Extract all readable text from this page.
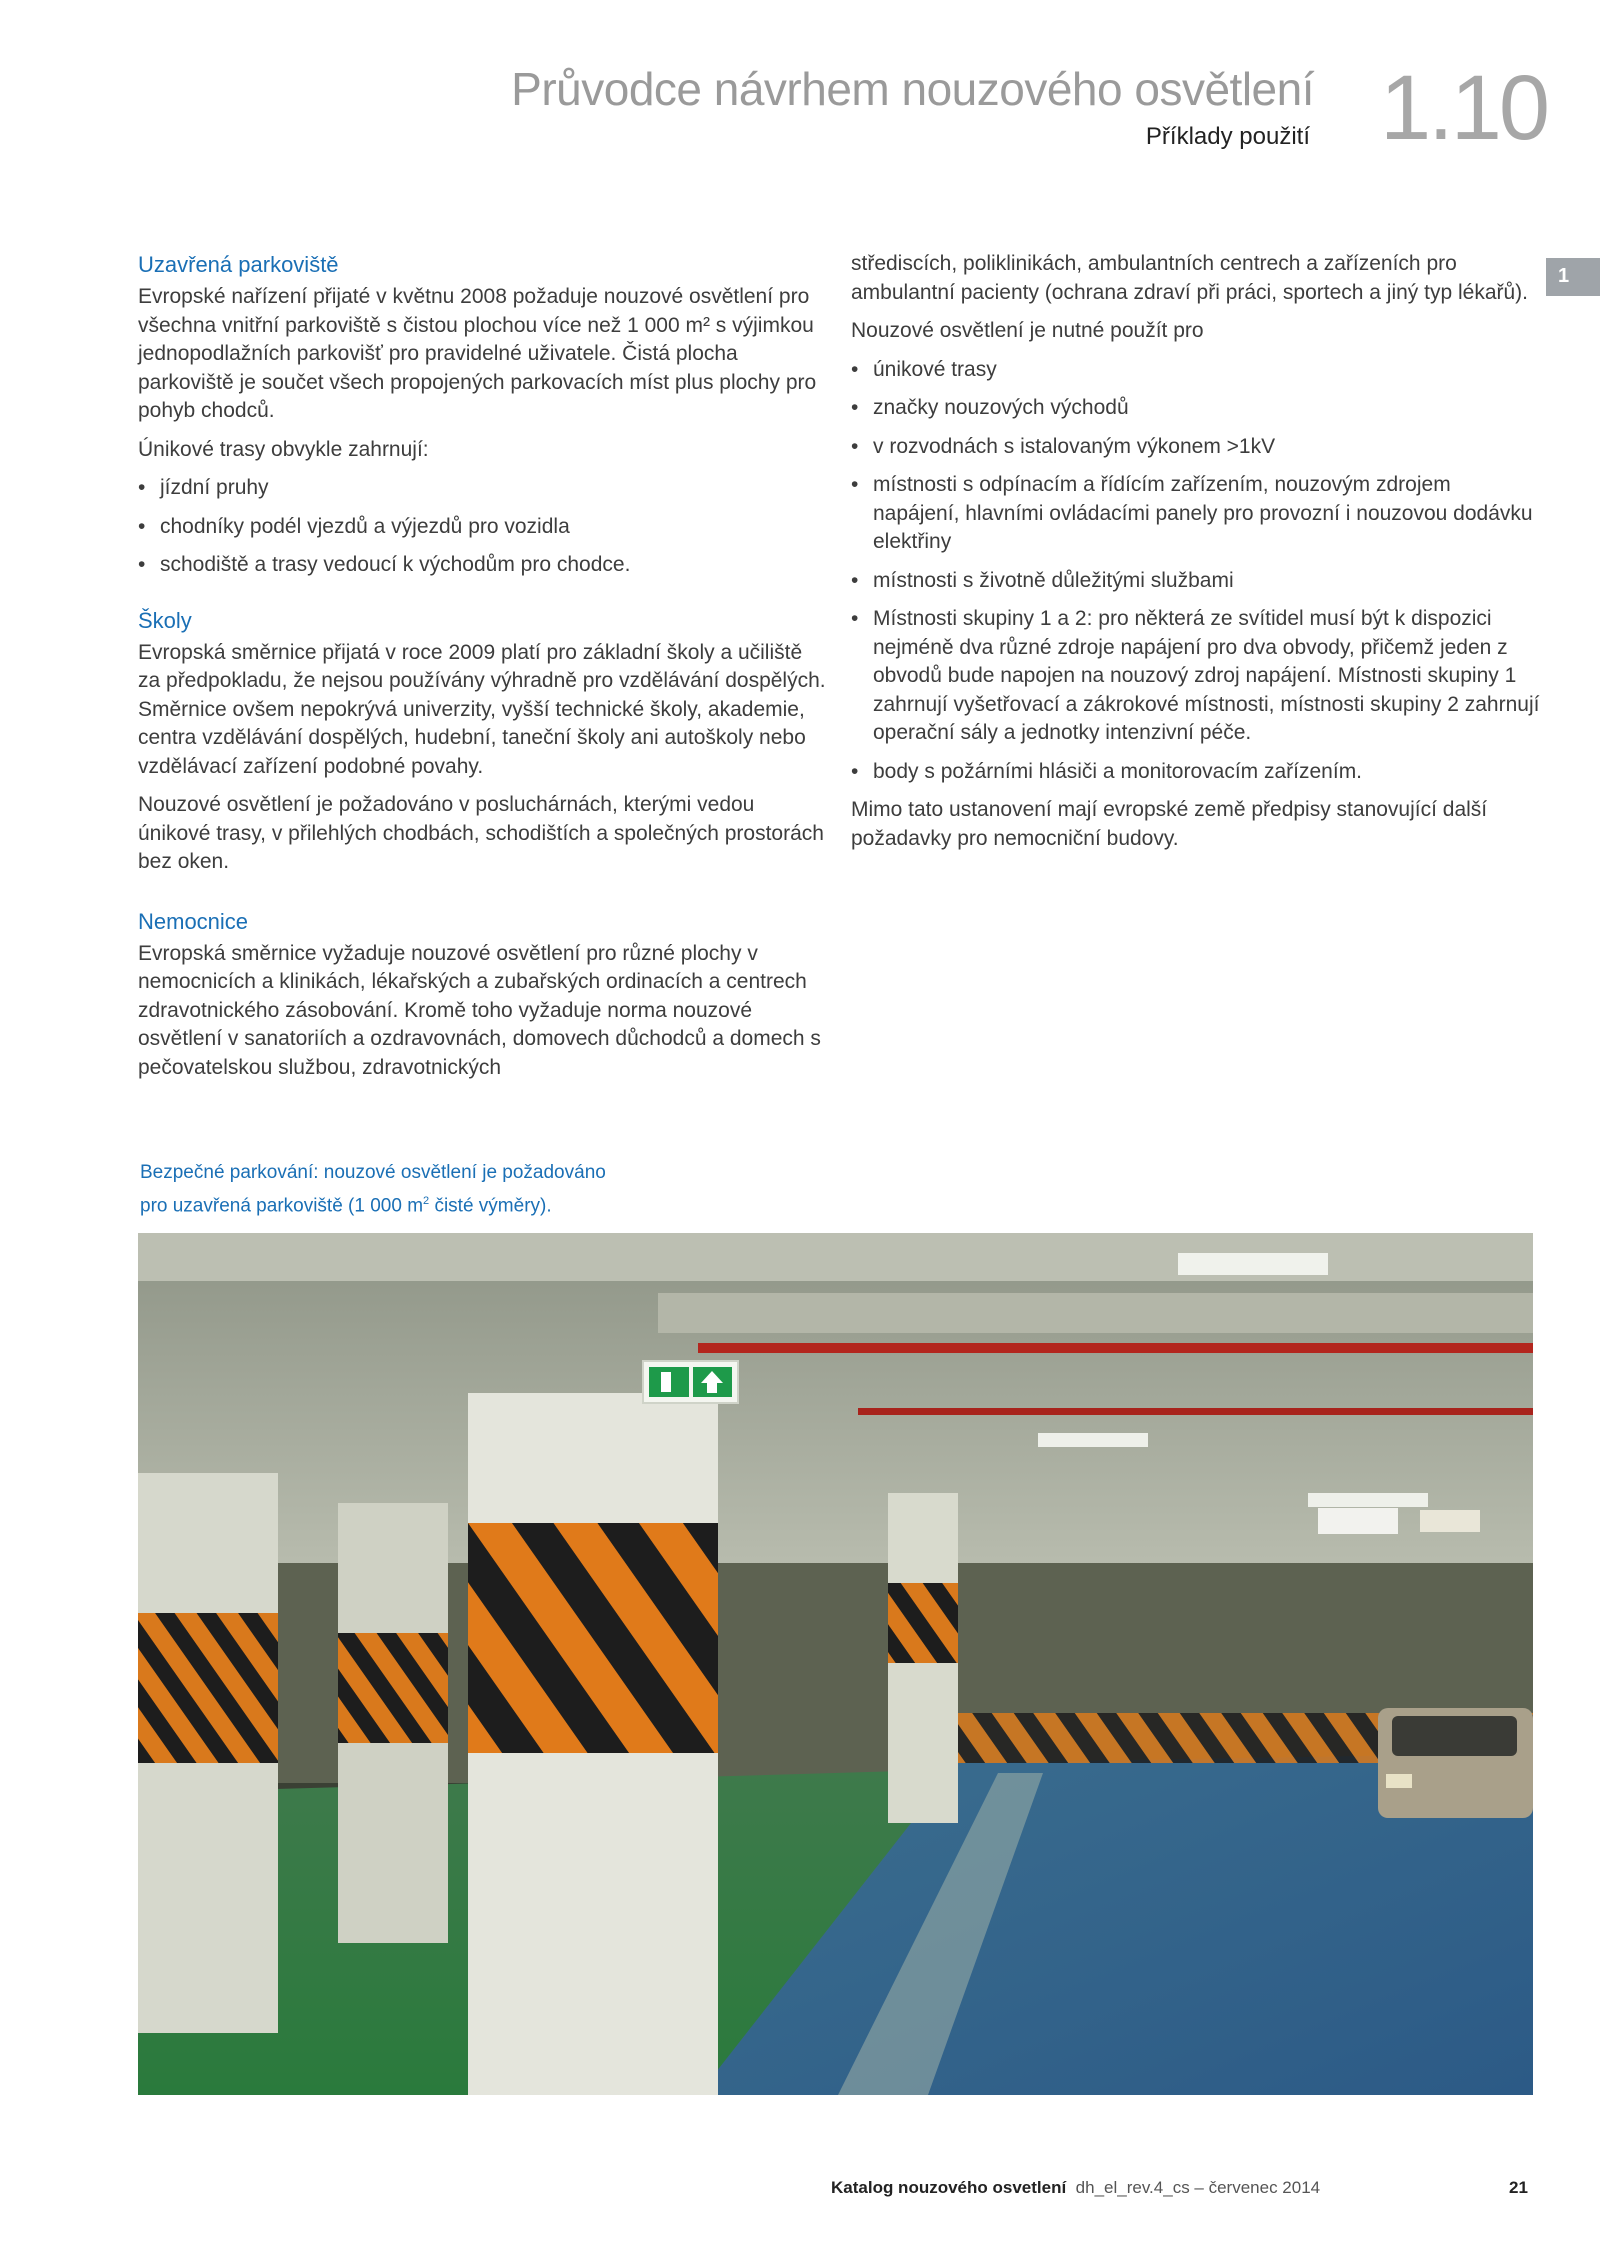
Průvodce návrhem nouzového osvětlení
Příklady použití 1.10
1
Uzavřená parkoviště

Evropské nařízení přijaté v květnu 2008 požaduje nouzové osvětlení pro všechna vnitřní parkoviště s čistou plochou více než 1 000 m² s výjimkou jednopodlažních parkovišť pro pravidelné uživatele. Čistá plocha parkoviště je součet všech propojených parkovacích míst plus plochy pro pohyb chodců.

Únikové trasy obvykle zahrnují:

• jízdní pruhy
• chodníky podél vjezdů a výjezdů pro vozidla
• schodiště a trasy vedoucí k východům pro chodce.
Školy

Evropská směrnice přijatá v roce 2009 platí pro základní školy a učiliště za předpokladu, že nejsou používány výhradně pro vzdělávání dospělých. Směrnice ovšem nepokrývá univerzity, vyšší technické školy, akademie, centra vzdělávání dospělých, hudební, taneční školy ani autoškoly nebo vzdělávací zařízení podobné povahy.

Nouzové osvětlení je požadováno v posluchárnách, kterými vedou únikové trasy, v přilehlých chodbách, schodištích a společných prostorách bez oken.

Nemocnice

Evropská směrnice vyžaduje nouzové osvětlení pro různé plochy v nemocnicích a klinikách, lékařských a zubařských ordinacích a centrech zdravotnického zásobování. Kromě toho vyžaduje norma nouzové osvětlení v sanatoriích a ozdravovnách, domovech důchodců a domech s pečovatelskou službou, zdravotnických

střediscích, poliklinikách, ambulantních centrech a zařízeních pro ambulantní pacienty (ochrana zdraví při práci, sportech a jiný typ lékařů).

Nouzové osvětlení je nutné použít pro

• únikové trasy
• značky nouzových východů
• v rozvodnách s istalovaným výkonem >1kV
• místnosti s odpínacím a řídícím zařízením, nouzovým zdrojem napájení, hlavními ovládacími panely pro provozní i nouzovou dodávku elektřiny
• místnosti s životně důležitými službami
• Místnosti skupiny 1 a 2: pro některá ze svítidel musí být k dispozici nejméně dva různé zdroje napájení pro dva obvody, přičemž jeden z obvodů bude napojen na nouzový zdroj napájení. Místnosti skupiny 1 zahrnují vyšetřovací a zákrokové místnosti, místnosti skupiny 2 zahrnují operační sály a jednotky intenzivní péče.
• body s požárními hlásiči a monitorovacím zařízením.

Mimo tato ustanovení mají evropské země předpisy stanovující další požadavky pro nemocniční budovy.

Bezpečné parkování: nouzové osvětlení je požadováno
pro uzavřená parkoviště (1 000 $m^2$ čisté výměry).
Katalog nouzového osvetlení dh_el_rev.4_cs – červenec 2014	21
